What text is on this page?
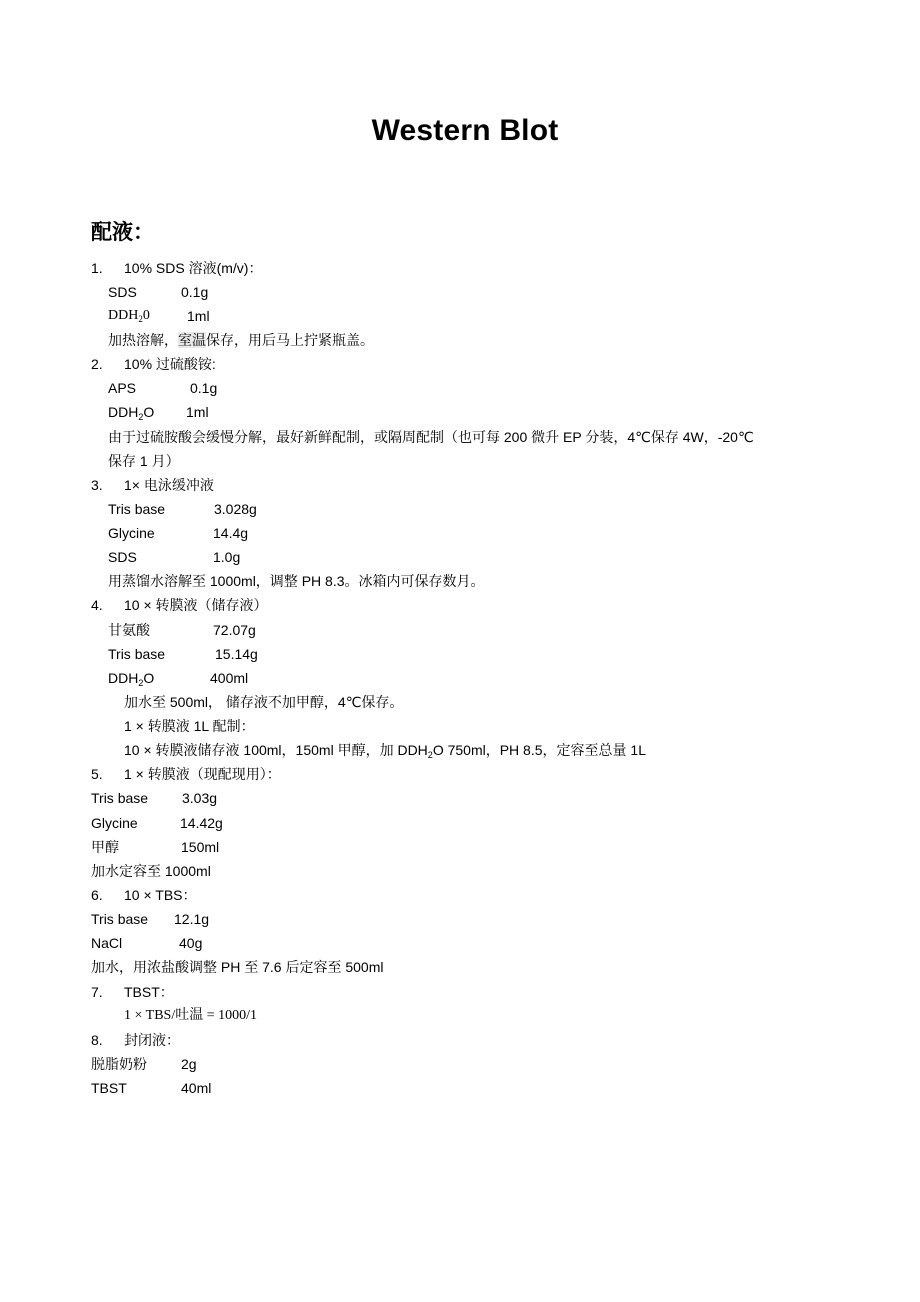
Western Blot
配液：
1. 10% SDS 溶液(m/v)：
SDS	0.1g
$DDH_20$	1ml
加热溶解，室温保存，用后马上拧紧瓶盖。
2. 10% 过硫酸铵:
APS	0.1g
$DDH_2O$ 1ml
由于过硫胺酸会缓慢分解，最好新鲜配制，或隔周配制（也可每 200 微升 EP 分装，4℃保存 4W，-20℃
保存 1 月）
3. 1× 电泳缓冲液
Tris base	3.028g
Glycine	14.4g
SDS	1.0g
用蒸馏水溶解至 1000ml，调整 PH 8.3。冰箱内可保存数月。
4. 10 × 转膜液（储存液）
甘氨酸	72.07g
Tris base	15.14g
$DDH_2O$	400ml
加水至 500ml， 储存液不加甲醇，4℃保存。
1 × 转膜液 1L 配制：
10 × 转膜液储存液 100ml，150ml 甲醇，加 $DDH_2O$ 750ml，PH 8.5，定容至总量 1L
5. 1 × 转膜液（现配现用）：
Tris base 3.03g
Glycine	14.42g
甲醇	150ml
加水定容至 1000ml
6. 10 × TBS：
Tris base 12.1g
NaCl	40g
加水，用浓盐酸调整 PH 至 7.6 后定容至 500ml
7. TBST：
1 × TBS/吐温 = 1000/1
8. 封闭液：
脱脂奶粉 2g
TBST	40ml
